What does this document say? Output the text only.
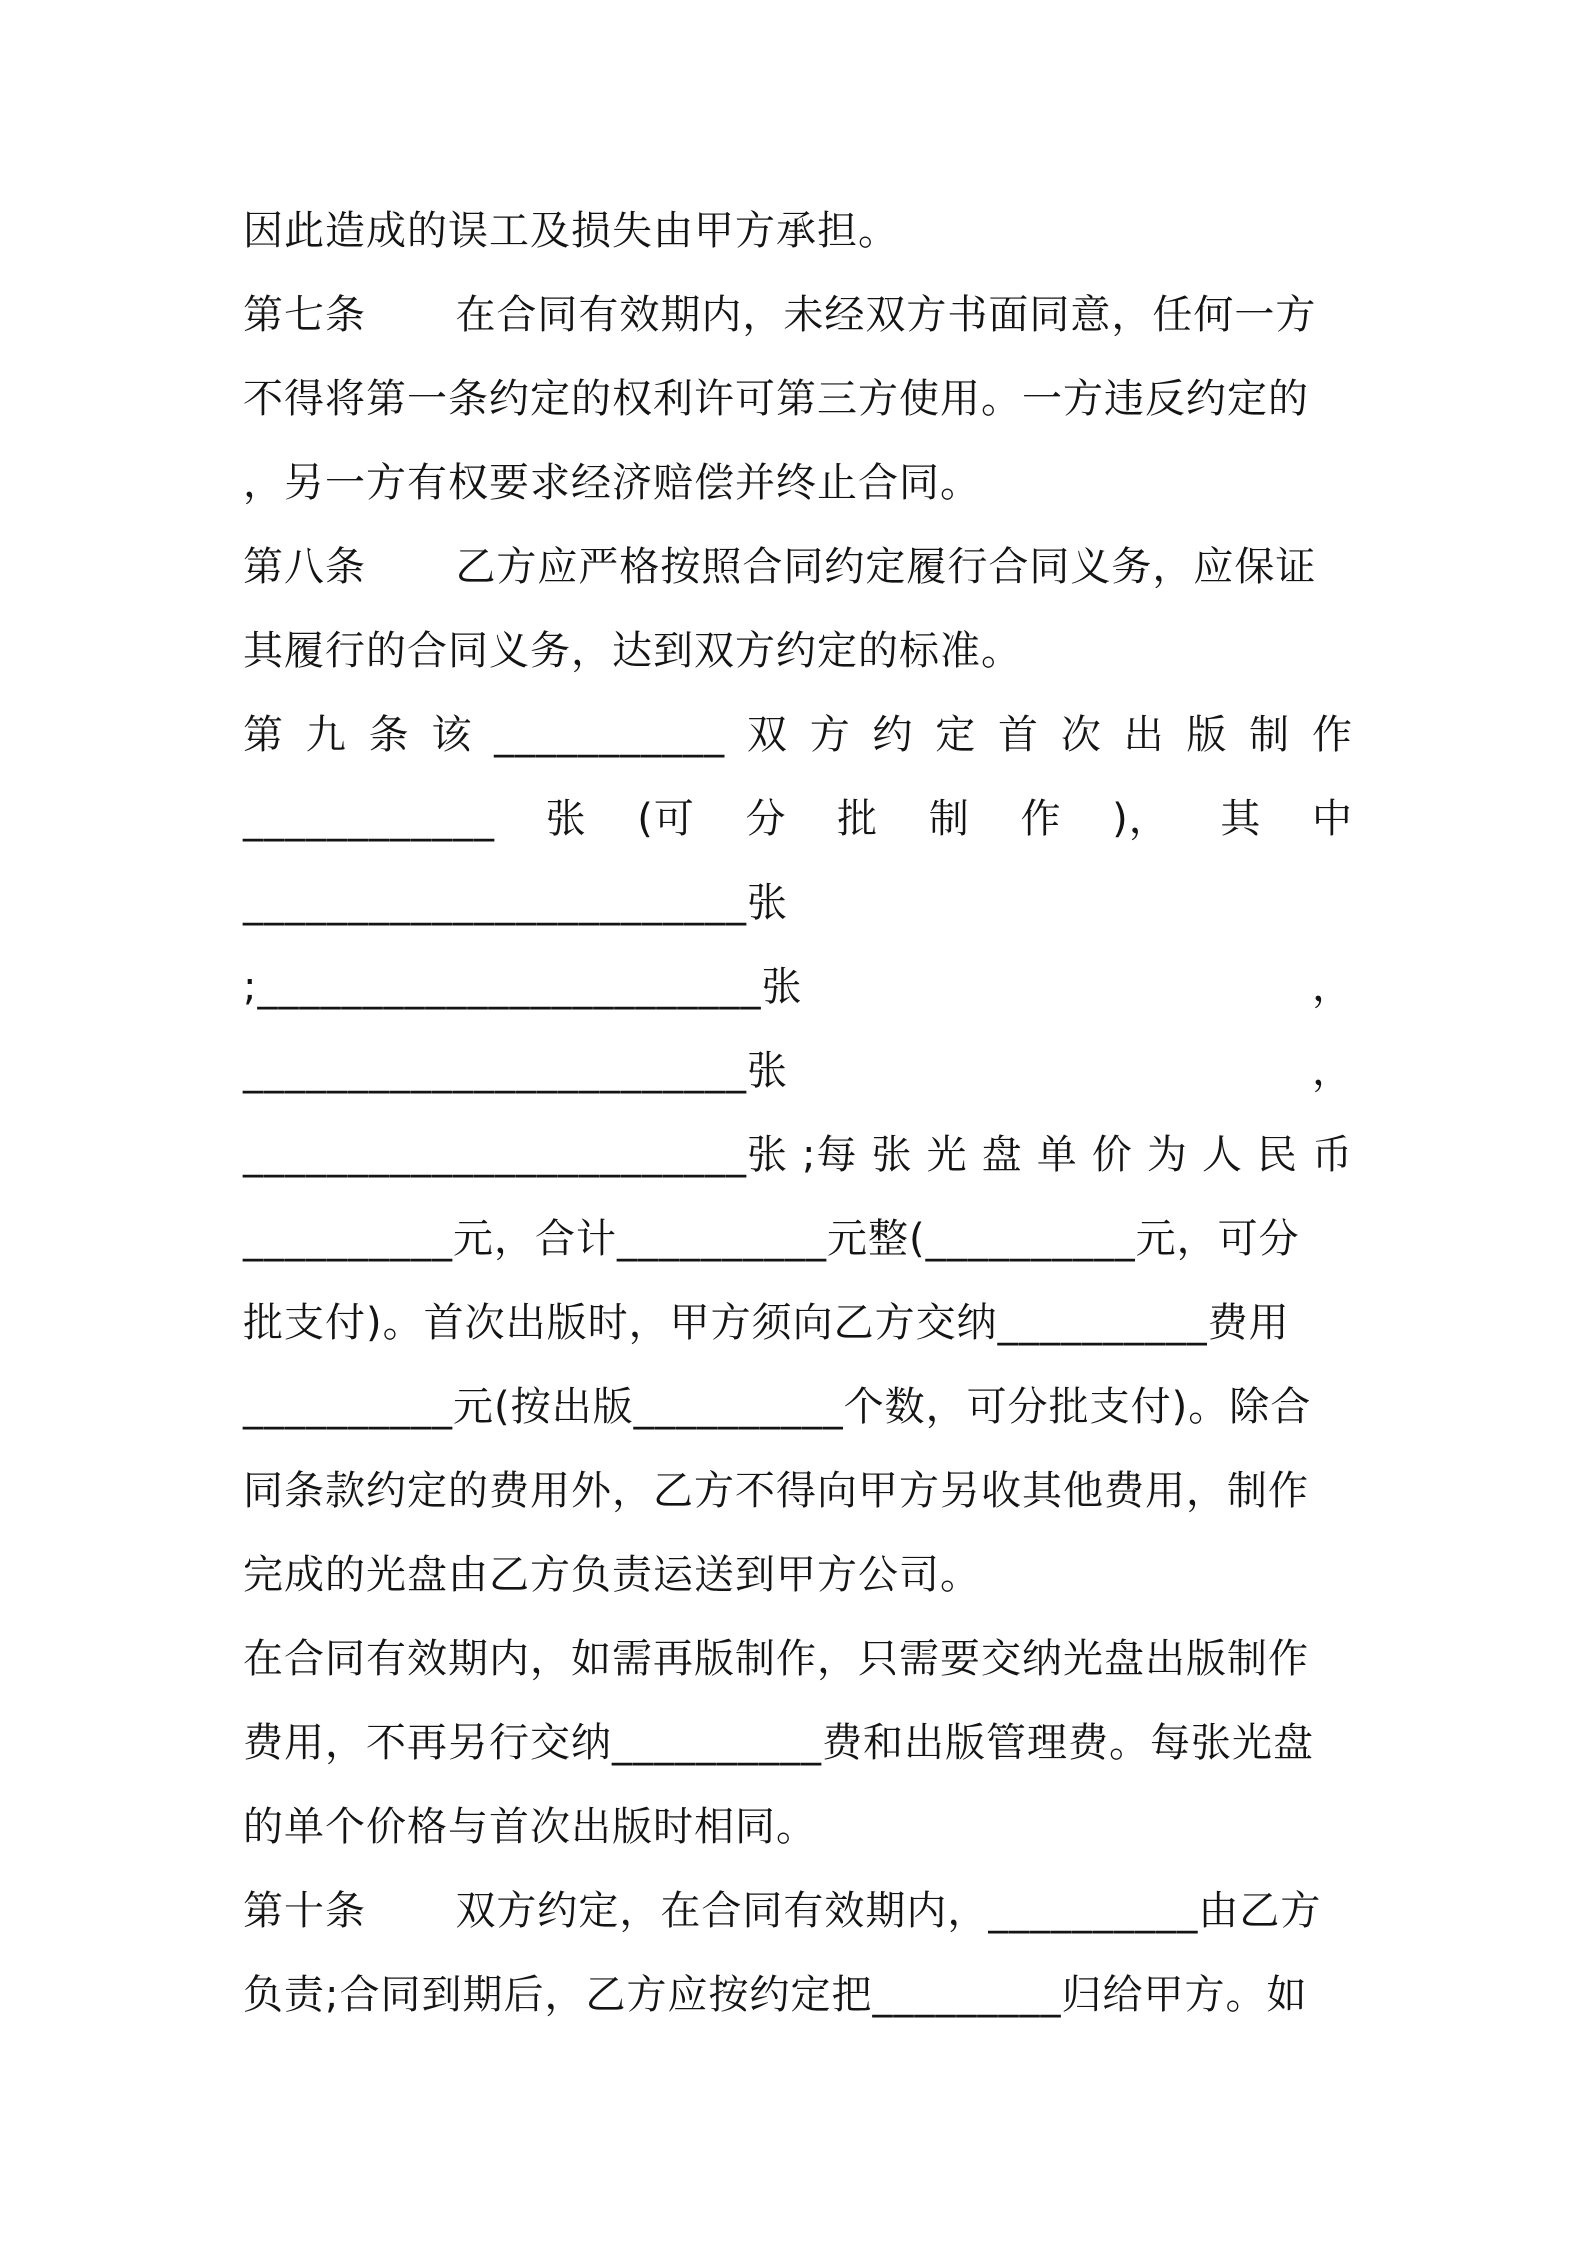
因此造成的误工及损失由甲方承担。
第七条 在合同有效期内，未经双方书面同意，任何一方
不得将第一条约定的权利许可第三方使用。一方违反约定的
，另一方有权要求经济赔偿并终止合同。
第八条 乙方应严格按照合同约定履行合同义务，应保证
其履行的合同义务，达到双方约定的标准。
第 九 条 该 ___________ 双 方 约 定 首 次 出 版 制 作
____________ 张 (可 分 批 制 作 )， 其 中
________________________张
;________________________张	，
________________________张	，
________________________张 ;每 张 光 盘 单 价 为 人 民 币
__________元，合计__________元整(__________元，可分
批支付)。首次出版时，甲方须向乙方交纳__________费用
__________元(按出版__________个数，可分批支付)。除合
同条款约定的费用外，乙方不得向甲方另收其他费用，制作
完成的光盘由乙方负责运送到甲方公司。
在合同有效期内，如需再版制作，只需要交纳光盘出版制作
费用，不再另行交纳__________费和出版管理费。每张光盘
的单个价格与首次出版时相同。
第十条 双方约定，在合同有效期内，__________由乙方
负责;合同到期后，乙方应按约定把_________归给甲方。如
